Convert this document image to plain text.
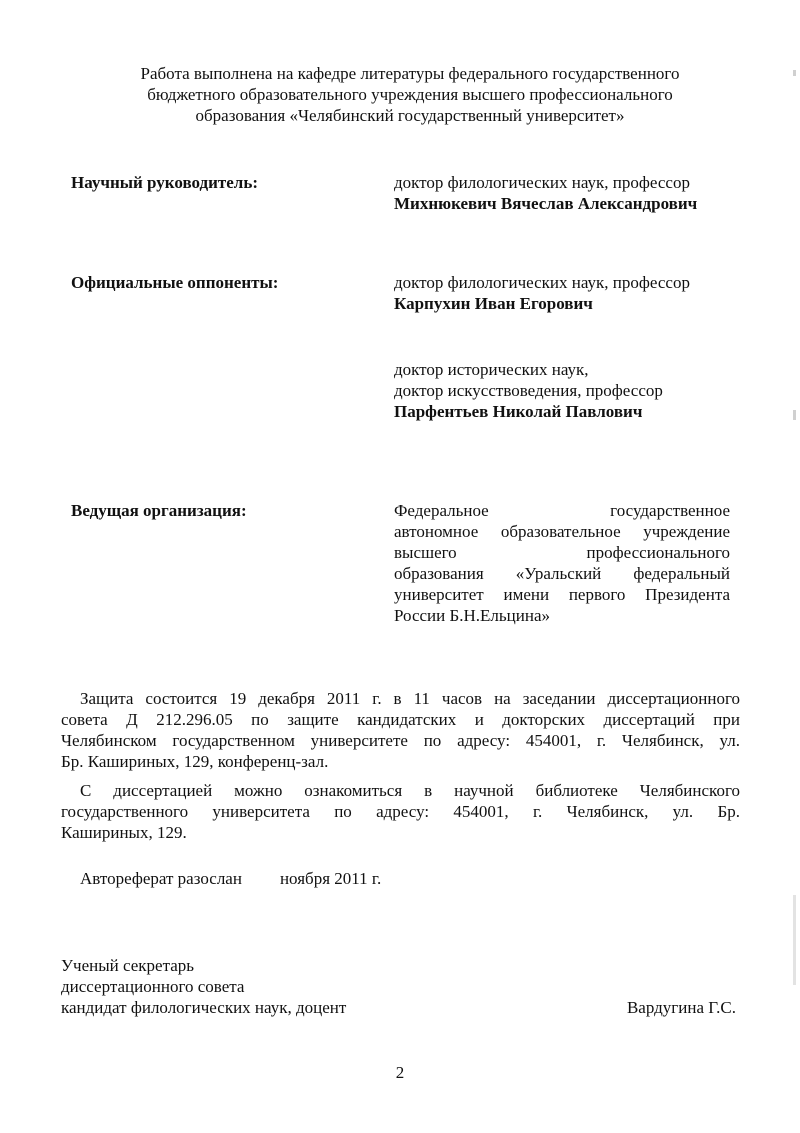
Работа выполнена на кафедре литературы федерального государственного
бюджетного образовательного учреждения высшего профессионального
образования «Челябинский государственный университет»
Научный руководитель:	доктор филологических наук, профессор
Михнюкевич Вячеслав Александрович
Официальные оппоненты:	доктор филологических наук, профессор
Карпухин Иван Егорович
доктор исторических наук,
доктор искусствоведения, профессор
Парфентьев Николай Павлович
Ведущая организация:	Федеральное государственное
автономное образовательное учреждение
высшего профессионального
образования «Уральский федеральный
университет имени первого Президента
России Б.Н.Ельцина»
Защита состоится 19 декабря 2011 г. в 11 часов на заседании диссертационного
совета Д 212.296.05 по защите кандидатских и докторских диссертаций при
Челябинском государственном университете по адресу: 454001, г. Челябинск, ул.
Бр. Кашириных, 129, конференц-зал.
С диссертацией можно ознакомиться в научной библиотеке Челябинского
государственного университета по адресу: 454001, г. Челябинск, ул. Бр.
Кашириных, 129.
Автореферат разослан ноября 2011 г.
Ученый секретарь
диссертационного совета
кандидат филологических наук, доцент	Вардугина Г.С.
2
